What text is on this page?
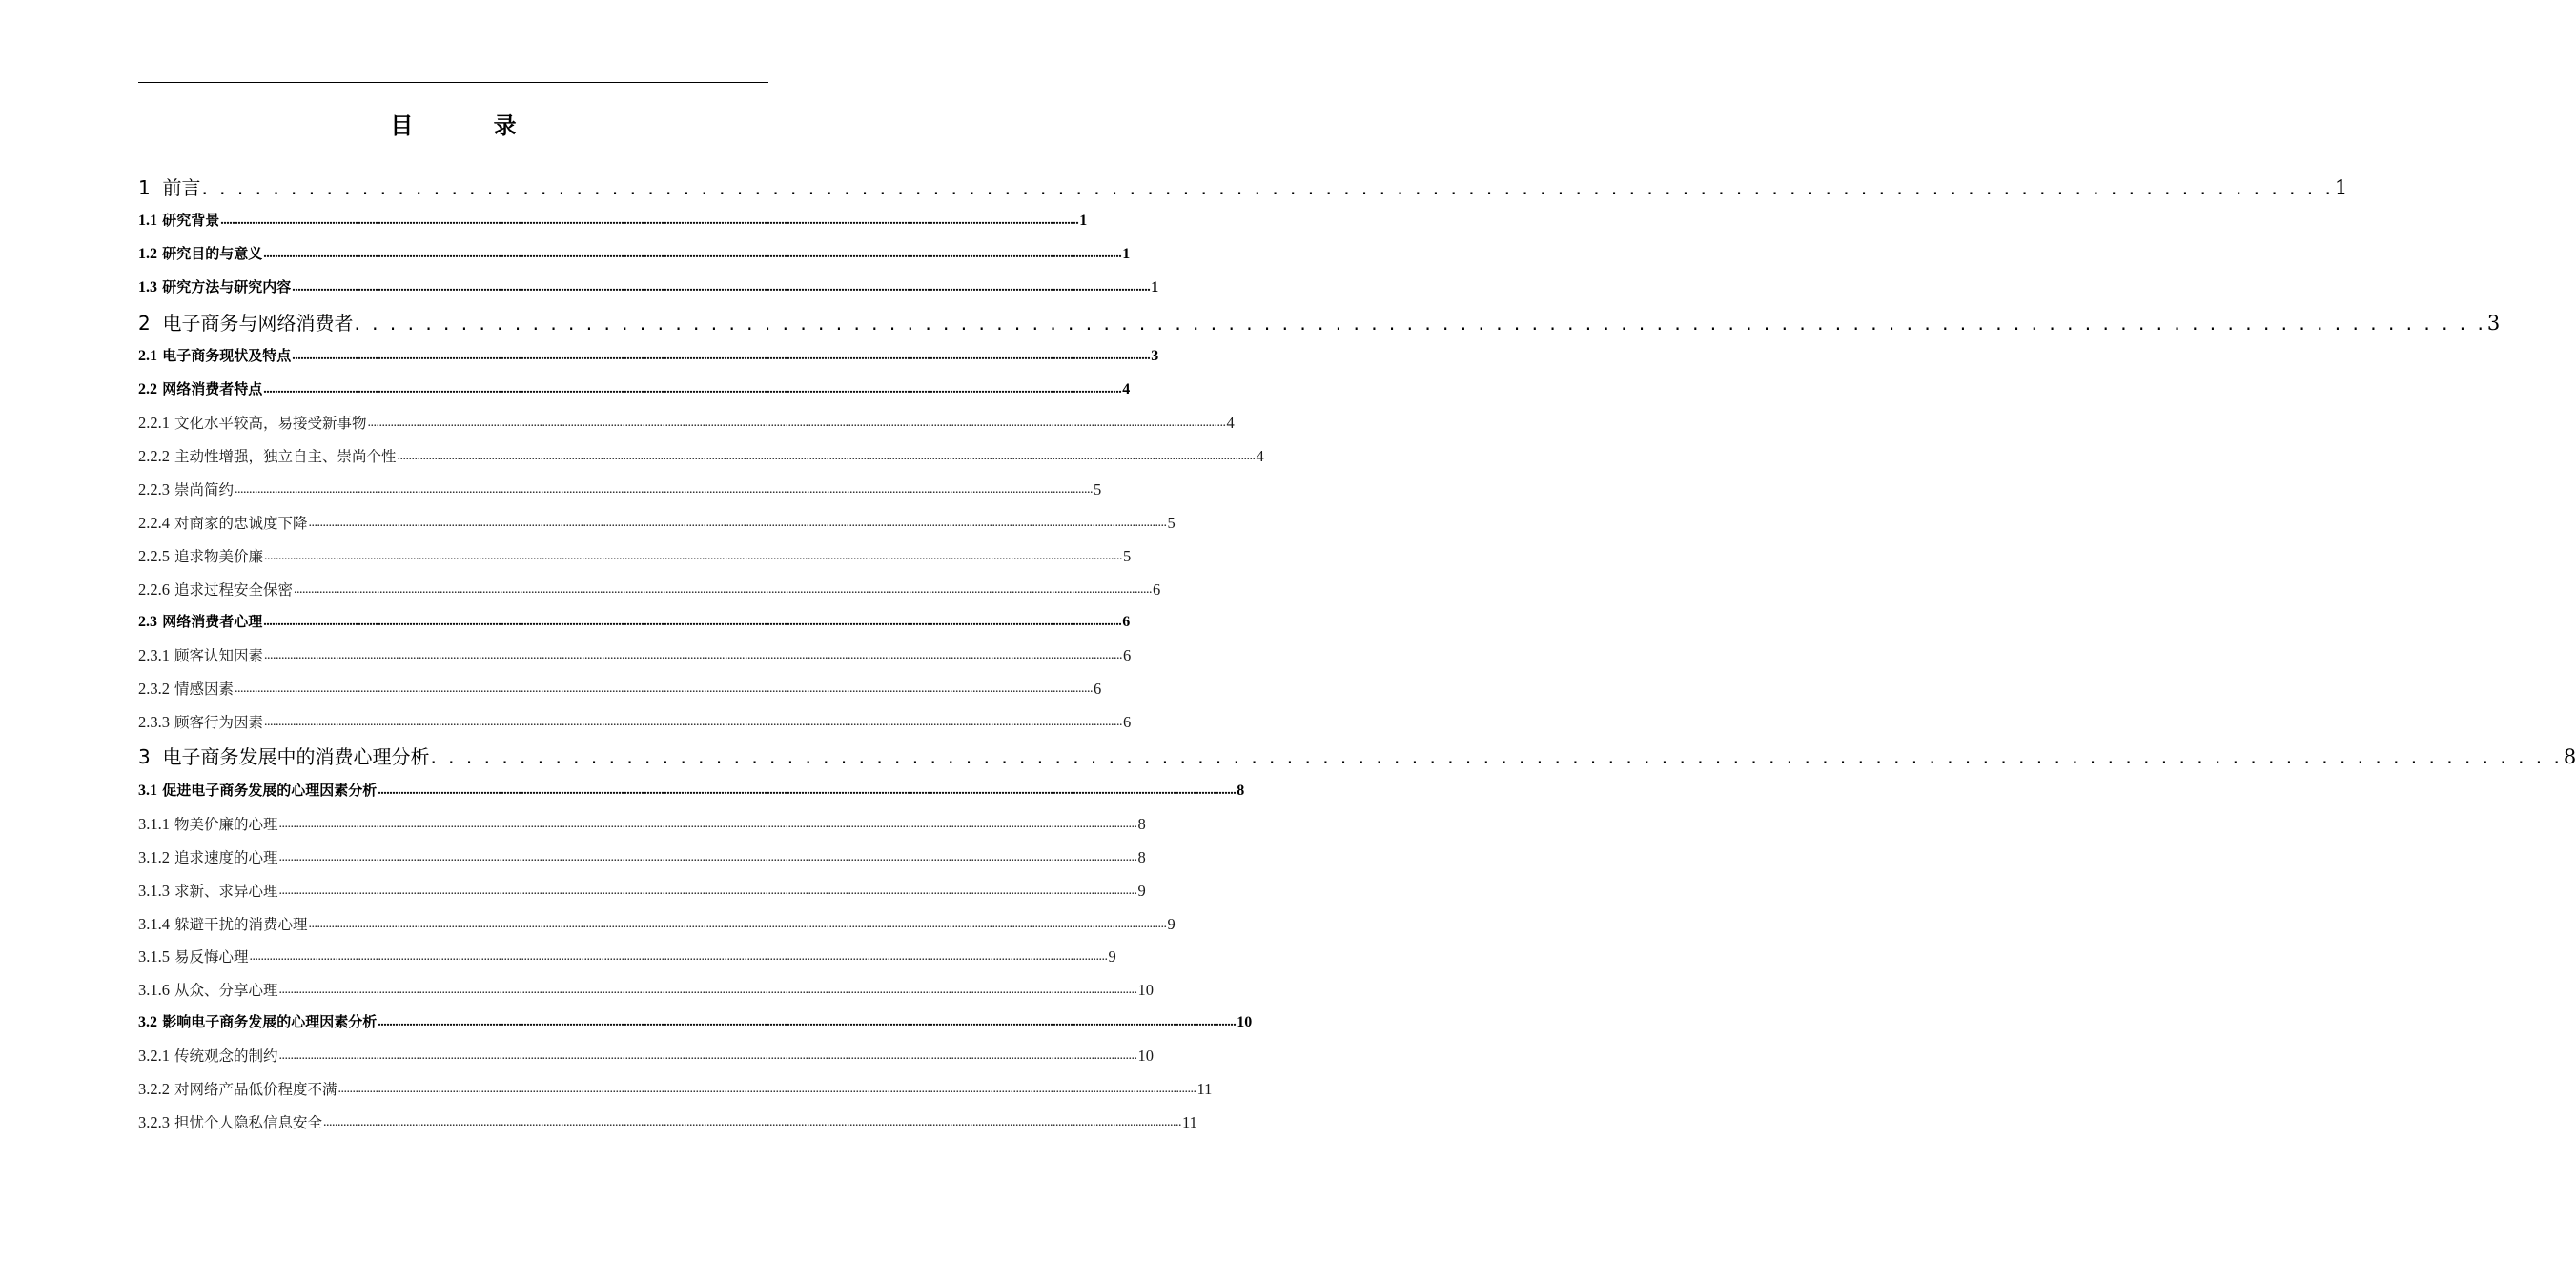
目 录
1 前言 . . . . . . . . . . . . . . . . . . . . . . . . . . . . . . . . . . . . . . . . . . . . . . . . . . . . . . . . . . . . . . . . . . . . . . . . . . . . . . . . . . . . . . . . . . . . . . . . . . . . . . . . . . . . . . . . . . . . . . . . 1
1.1 研究背景 ............................................................................................................................................................................................................................................................................................................ 1
1.2 研究目的与意义 ............................................................................................................................................................................................................................................................................................................ 1
1.3 研究方法与研究内容 ............................................................................................................................................................................................................................................................................................................ 1
2 电子商务与网络消费者 . . . . . . . . . . . . . . . . . . . . . . . . . . . . . . . . . . . . . . . . . . . . . . . . . . . . . . . . . . . . . . . . . . . . . . . . . . . . . . . . . . . . . . . . . . . . . . . . . . . . . . . . . . . . . . . . . . . . . . . . 3
2.1 电子商务现状及特点 ............................................................................................................................................................................................................................................................................................................ 3
2.2 网络消费者特点 ............................................................................................................................................................................................................................................................................................................ 4
2.2.1 文化水平较高，易接受新事物 ............................................................................................................................................................................................................................................................................................................ 4
2.2.2 主动性增强，独立自主、崇尚个性 ............................................................................................................................................................................................................................................................................................................ 4
2.2.3 崇尚简约 ............................................................................................................................................................................................................................................................................................................ 5
2.2.4 对商家的忠诚度下降 ............................................................................................................................................................................................................................................................................................................ 5
2.2.5 追求物美价廉 ............................................................................................................................................................................................................................................................................................................ 5
2.2.6 追求过程安全保密 ............................................................................................................................................................................................................................................................................................................ 6
2.3 网络消费者心理 ............................................................................................................................................................................................................................................................................................................ 6
2.3.1 顾客认知因素 ............................................................................................................................................................................................................................................................................................................ 6
2.3.2 情感因素 ............................................................................................................................................................................................................................................................................................................ 6
2.3.3 顾客行为因素 ............................................................................................................................................................................................................................................................................................................ 6
3 电子商务发展中的消费心理分析 . . . . . . . . . . . . . . . . . . . . . . . . . . . . . . . . . . . . . . . . . . . . . . . . . . . . . . . . . . . . . . . . . . . . . . . . . . . . . . . . . . . . . . . . . . . . . . . . . . . . . . . . . . . . . . . . . . . . . . . . 8
3.1 促进电子商务发展的心理因素分析 ............................................................................................................................................................................................................................................................................................................ 8
3.1.1 物美价廉的心理 ............................................................................................................................................................................................................................................................................................................ 8
3.1.2 追求速度的心理 ............................................................................................................................................................................................................................................................................................................ 8
3.1.3 求新、求异心理 ............................................................................................................................................................................................................................................................................................................ 9
3.1.4 躲避干扰的消费心理 ............................................................................................................................................................................................................................................................................................................ 9
3.1.5 易反悔心理 ............................................................................................................................................................................................................................................................................................................ 9
3.1.6 从众、分享心理 ............................................................................................................................................................................................................................................................................................................ 10
3.2 影响电子商务发展的心理因素分析 ............................................................................................................................................................................................................................................................................................................ 10
3.2.1 传统观念的制约 ............................................................................................................................................................................................................................................................................................................ 10
3.2.2 对网络产品低价程度不满 ............................................................................................................................................................................................................................................................................................................ 11
3.2.3 担忧个人隐私信息安全 ............................................................................................................................................................................................................................................................................................................ 11
